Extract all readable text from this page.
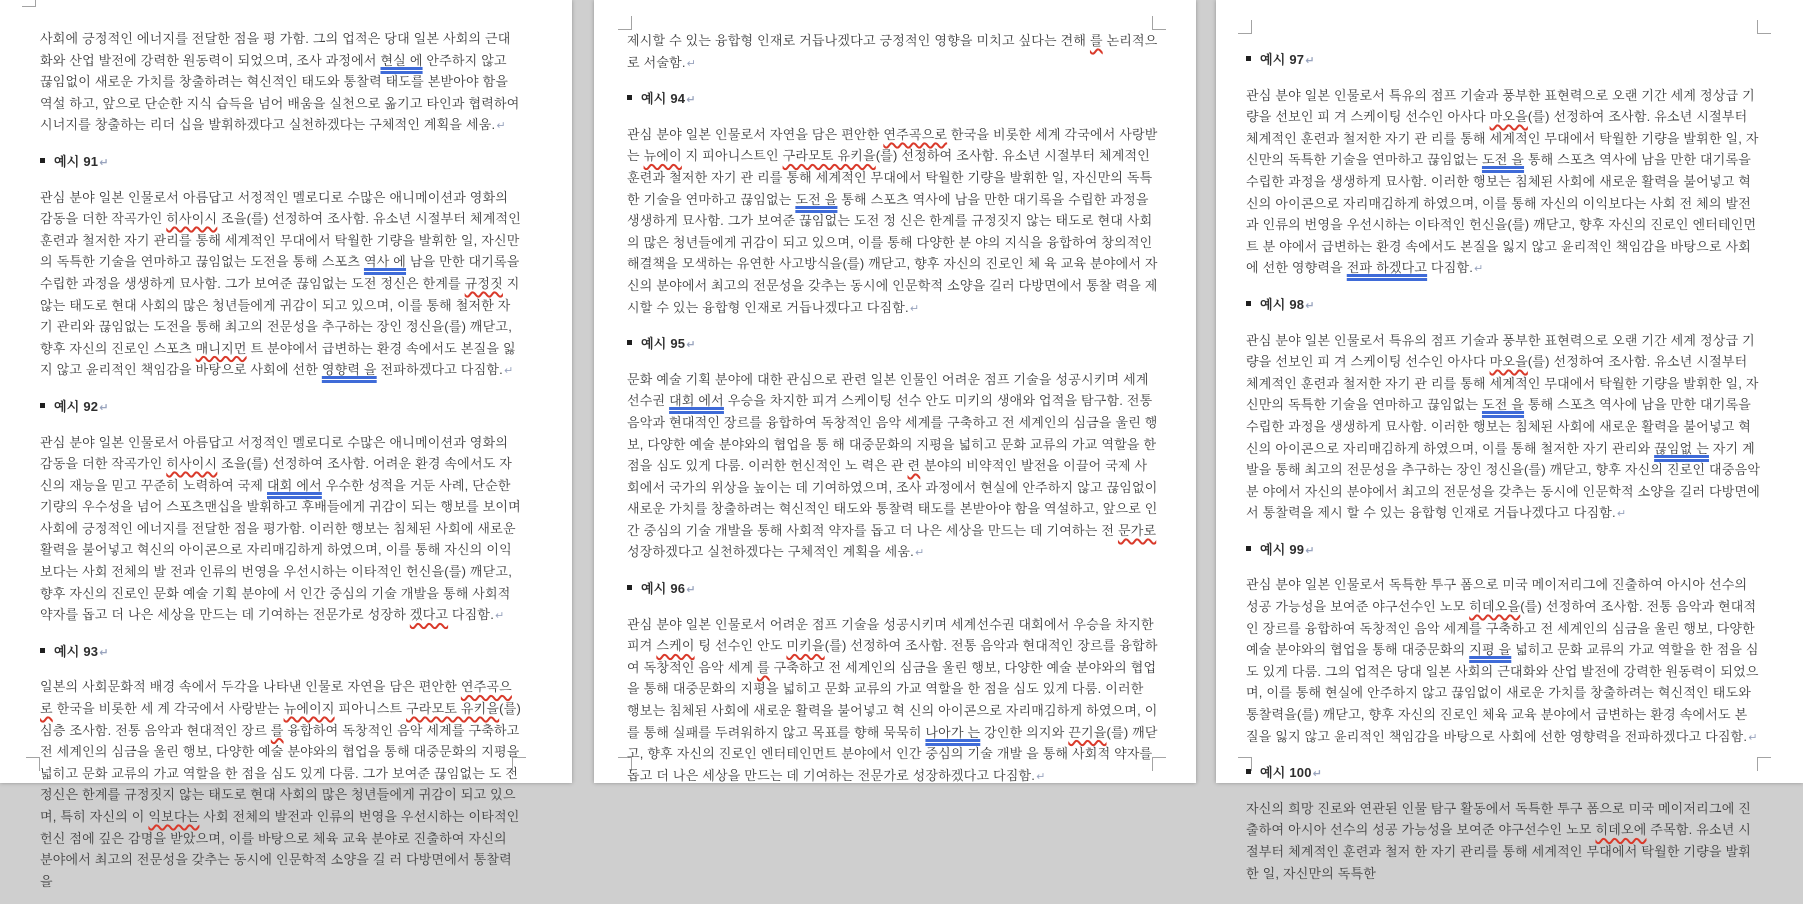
사회에 긍정적인 에너지를 전달한 점을 평 가함. 그의 업적은 당대 일본 사회의 근대화와 산업 발전에 강력한 원동력이 되었으며, 조사 과정에서 현실 에 안주하지 않고 끊임없이 새로운 가치를 창출하려는 혁신적인 태도와 통찰력 태도를 본받아야 함을 역설 하고, 앞으로 단순한 지식 습득을 넘어 배움을 실천으로 옮기고 타인과 협력하여 시너지를 창출하는 리더 십을 발휘하겠다고 실천하겠다는 구체적인 계획을 세움.↵

예시 91↵

관심 분야 일본 인물로서 아름답고 서정적인 멜로디로 수많은 애니메이션과 영화의 감동을 더한 작곡가인 히사이시 조을(를) 선정하여 조사함. 유소년 시절부터 체계적인 훈련과 철저한 자기 관리를 통해 세계적인 무대에서 탁월한 기량을 발휘한 일, 자신만의 독특한 기술을 연마하고 끊임없는 도전을 통해 스포츠 역사 에 남을 만한 대기록을 수립한 과정을 생생하게 묘사함. 그가 보여준 끊임없는 도전 정신은 한계를 규정짓 지 않는 태도로 현대 사회의 많은 청년들에게 귀감이 되고 있으며, 이를 통해 철저한 자기 관리와 끊임없는 도전을 통해 최고의 전문성을 추구하는 장인 정신을(를) 깨닫고, 향후 자신의 진로인 스포츠 매니지먼 트 분야에서 급변하는 환경 속에서도 본질을 잃지 않고 윤리적인 책임감을 바탕으로 사회에 선한 영향력 을 전파하겠다고 다짐함.↵

예시 92↵

관심 분야 일본 인물로서 아름답고 서정적인 멜로디로 수많은 애니메이션과 영화의 감동을 더한 작곡가인 히사이시 조을(를) 선정하여 조사함. 어려운 환경 속에서도 자신의 재능을 믿고 꾸준히 노력하여 국제 대회 에서 우수한 성적을 거둔 사례, 단순한 기량의 우수성을 넘어 스포츠맨십을 발휘하고 후배들에게 귀감이 되는 행보를 보이며 사회에 긍정적인 에너지를 전달한 점을 평가함. 이러한 행보는 침체된 사회에 새로운 활력을 불어넣고 혁신의 아이콘으로 자리매김하게 하였으며, 이를 통해 자신의 이익보다는 사회 전체의 발 전과 인류의 번영을 우선시하는 이타적인 헌신을(를) 깨닫고, 향후 자신의 진로인 문화 예술 기획 분야에 서 인간 중심의 기술 개발을 통해 사회적 약자를 돕고 더 나은 세상을 만드는 데 기여하는 전문가로 성장하 겠다고 다짐함.↵

예시 93↵

일본의 사회문화적 배경 속에서 두각을 나타낸 인물로 자연을 담은 편안한 연주곡으로 한국을 비롯한 세 계 각국에서 사랑받는 뉴에이지 피아니스트 구라모토 유키을(를) 심층 조사함. 전통 음악과 현대적인 장르 를 융합하여 독창적인 음악 세계를 구축하고 전 세계인의 심금을 울린 행보, 다양한 예술 분야와의 협업을 통해 대중문화의 지평을 넓히고 문화 교류의 가교 역할을 한 점을 심도 있게 다룸. 그가 보여준 끊임없는 도 전 정신은 한계를 규정짓지 않는 태도로 현대 사회의 많은 청년들에게 귀감이 되고 있으며, 특히 자신의 이 익보다는 사회 전체의 발전과 인류의 번영을 우선시하는 이타적인 헌신 점에 깊은 감명을 받았으며, 이를 바탕으로 체육 교육 분야로 진출하여 자신의 분야에서 최고의 전문성을 갖추는 동시에 인문학적 소양을 길 러 다방면에서 통찰력을

제시할 수 있는 융합형 인재로 거듭나겠다고 긍정적인 영향을 미치고 싶다는 견해 를 논리적으로 서술함.↵

예시 94↵

관심 분야 일본 인물로서 자연을 담은 편안한 연주곡으로 한국을 비롯한 세계 각국에서 사랑받는 뉴에이 지 피아니스트인 구라모토 유키을(를) 선정하여 조사함. 유소년 시절부터 체계적인 훈련과 철저한 자기 관 리를 통해 세계적인 무대에서 탁월한 기량을 발휘한 일, 자신만의 독특한 기술을 연마하고 끊임없는 도전 을 통해 스포츠 역사에 남을 만한 대기록을 수립한 과정을 생생하게 묘사함. 그가 보여준 끊임없는 도전 정 신은 한계를 규정짓지 않는 태도로 현대 사회의 많은 청년들에게 귀감이 되고 있으며, 이를 통해 다양한 분 야의 지식을 융합하여 창의적인 해결책을 모색하는 유연한 사고방식을(를) 깨닫고, 향후 자신의 진로인 체 육 교육 분야에서 자신의 분야에서 최고의 전문성을 갖추는 동시에 인문학적 소양을 길러 다방면에서 통찰 력을 제시할 수 있는 융합형 인재로 거듭나겠다고 다짐함.↵

예시 95↵

문화 예술 기획 분야에 대한 관심으로 관련 일본 인물인 어려운 점프 기술을 성공시키며 세계선수권 대회 에서 우승을 차지한 피겨 스케이팅 선수 안도 미키의 생애와 업적을 탐구함. 전통 음악과 현대적인 장르를 융합하여 독창적인 음악 세계를 구축하고 전 세계인의 심금을 울린 행보, 다양한 예술 분야와의 협업을 통 해 대중문화의 지평을 넓히고 문화 교류의 가교 역할을 한 점을 심도 있게 다룸. 이러한 헌신적인 노 력은 관 련 분야의 비약적인 발전을 이끌어 국제 사회에서 국가의 위상을 높이는 데 기여하였으며, 조사 과정에서 현실에 안주하지 않고 끊임없이 새로운 가치를 창출하려는 혁신적인 태도와 통찰력 태도를 본받아야 함을 역설하고, 앞으로 인간 중심의 기술 개발을 통해 사회적 약자를 돕고 더 나은 세상을 만드는 데 기여하는 전 문가로 성장하겠다고 실천하겠다는 구체적인 계획을 세움.↵

예시 96↵

관심 분야 일본 인물로서 어려운 점프 기술을 성공시키며 세계선수권 대회에서 우승을 차지한 피겨 스케이 팅 선수인 안도 미키을(를) 선정하여 조사함. 전통 음악과 현대적인 장르를 융합하여 독창적인 음악 세계 를 구축하고 전 세계인의 심금을 울린 행보, 다양한 예술 분야와의 협업을 통해 대중문화의 지평을 넓히고 문화 교류의 가교 역할을 한 점을 심도 있게 다룸. 이러한 행보는 침체된 사회에 새로운 활력을 불어넣고 혁 신의 아이콘으로 자리매김하게 하였으며, 이를 통해 실패를 두려워하지 않고 목표를 향해 묵묵히 나아가 는 강인한 의지와 끈기을(를) 깨닫고, 향후 자신의 진로인 엔터테인먼트 분야에서 인간 중심의 기술 개발 을 통해 사회적 약자를 돕고 더 나은 세상을 만드는 데 기여하는 전문가로 성장하겠다고 다짐함.↵

예시 97↵

관심 분야 일본 인물로서 특유의 점프 기술과 풍부한 표현력으로 오랜 기간 세계 정상급 기량을 선보인 피 겨 스케이팅 선수인 아사다 마오을(를) 선정하여 조사함. 유소년 시절부터 체계적인 훈련과 철저한 자기 관 리를 통해 세계적인 무대에서 탁월한 기량을 발휘한 일, 자신만의 독특한 기술을 연마하고 끊임없는 도전 을 통해 스포츠 역사에 남을 만한 대기록을 수립한 과정을 생생하게 묘사함. 이러한 행보는 침체된 사회에 새로운 활력을 불어넣고 혁신의 아이콘으로 자리매김하게 하였으며, 이를 통해 자신의 이익보다는 사회 전 체의 발전과 인류의 번영을 우선시하는 이타적인 헌신을(를) 깨닫고, 향후 자신의 진로인 엔터테인먼트 분 야에서 급변하는 환경 속에서도 본질을 잃지 않고 윤리적인 책임감을 바탕으로 사회에 선한 영향력을 전파 하겠다고 다짐함.↵

예시 98↵

관심 분야 일본 인물로서 특유의 점프 기술과 풍부한 표현력으로 오랜 기간 세계 정상급 기량을 선보인 피 겨 스케이팅 선수인 아사다 마오을(를) 선정하여 조사함. 유소년 시절부터 체계적인 훈련과 철저한 자기 관 리를 통해 세계적인 무대에서 탁월한 기량을 발휘한 일, 자신만의 독특한 기술을 연마하고 끊임없는 도전 을 통해 스포츠 역사에 남을 만한 대기록을 수립한 과정을 생생하게 묘사함. 이러한 행보는 침체된 사회에 새로운 활력을 불어넣고 혁신의 아이콘으로 자리매김하게 하였으며, 이를 통해 철저한 자기 관리와 끊임없 는 자기 계발을 통해 최고의 전문성을 추구하는 장인 정신을(를) 깨닫고, 향후 자신의 진로인 대중음악 분 야에서 자신의 분야에서 최고의 전문성을 갖추는 동시에 인문학적 소양을 길러 다방면에서 통찰력을 제시 할 수 있는 융합형 인재로 거듭나겠다고 다짐함.↵

예시 99↵

관심 분야 일본 인물로서 독특한 투구 폼으로 미국 메이저리그에 진출하여 아시아 선수의 성공 가능성을 보여준 야구선수인 노모 히데오을(를) 선정하여 조사함. 전통 음악과 현대적인 장르를 융합하여 독창적인 음악 세계를 구축하고 전 세계인의 심금을 울린 행보, 다양한 예술 분야와의 협업을 통해 대중문화의 지평 을 넓히고 문화 교류의 가교 역할을 한 점을 심도 있게 다룸. 그의 업적은 당대 일본 사회의 근대화와 산업 발전에 강력한 원동력이 되었으며, 이를 통해 현실에 안주하지 않고 끊임없이 새로운 가치를 창출하려는 혁신적인 태도와 통찰력을(를) 깨닫고, 향후 자신의 진로인 체육 교육 분야에서 급변하는 환경 속에서도 본 질을 잃지 않고 윤리적인 책임감을 바탕으로 사회에 선한 영향력을 전파하겠다고 다짐함.↵

예시 100↵

자신의 희망 진로와 연관된 인물 탐구 활동에서 독특한 투구 폼으로 미국 메이저리그에 진출하여 아시아 선수의 성공 가능성을 보여준 야구선수인 노모 히데오에 주목함. 유소년 시절부터 체계적인 훈련과 철저 한 자기 관리를 통해 세계적인 무대에서 탁월한 기량을 발휘한 일, 자신만의 독특한
